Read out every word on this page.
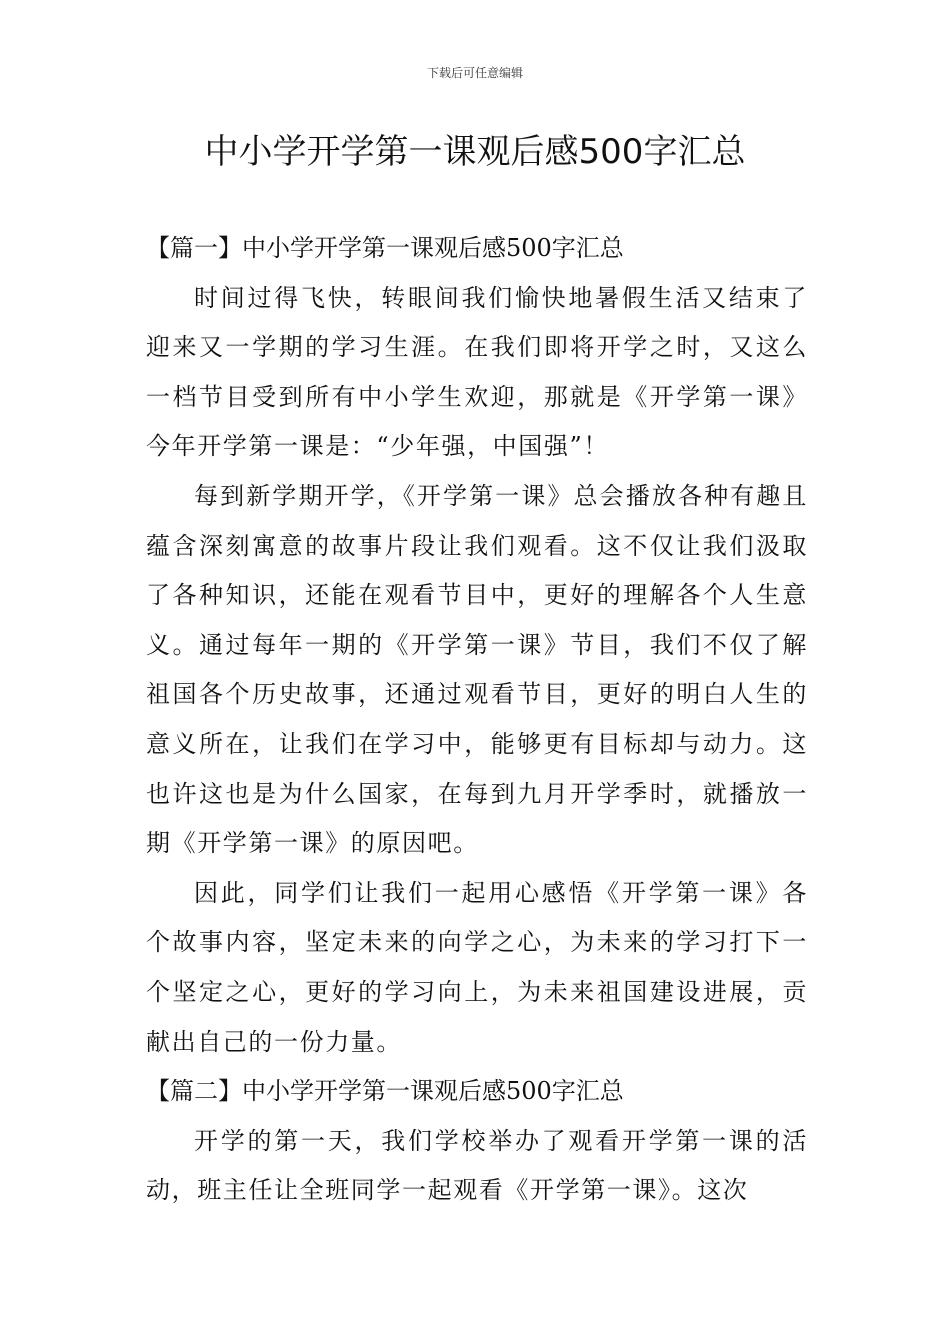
下载后可任意编辑
中小学开学第一课观后感500字汇总

【篇一】中小学开学第一课观后感500字汇总

时间过得飞快，转眼间我们愉快地暑假生活又结束了迎来又一学期的学习生涯。在我们即将开学之时，又这么一档节目受到所有中小学生欢迎，那就是《开学第一课》今年开学第一课是：“少年强，中国强”！

每到新学期开学，《开学第一课》总会播放各种有趣且蕴含深刻寓意的故事片段让我们观看。这不仅让我们汲取了各种知识，还能在观看节目中，更好的理解各个人生意义。通过每年一期的《开学第一课》节目，我们不仅了解祖国各个历史故事，还通过观看节目，更好的明白人生的意义所在，让我们在学习中，能够更有目标却与动力。这也许这也是为什么国家，在每到九月开学季时，就播放一期《开学第一课》的原因吧。

因此，同学们让我们一起用心感悟《开学第一课》各个故事内容，坚定未来的向学之心，为未来的学习打下一个坚定之心，更好的学习向上，为未来祖国建设进展，贡献出自己的一份力量。

【篇二】中小学开学第一课观后感500字汇总

开学的第一天，我们学校举办了观看开学第一课的活动，班主任让全班同学一起观看《开学第一课》。这次
